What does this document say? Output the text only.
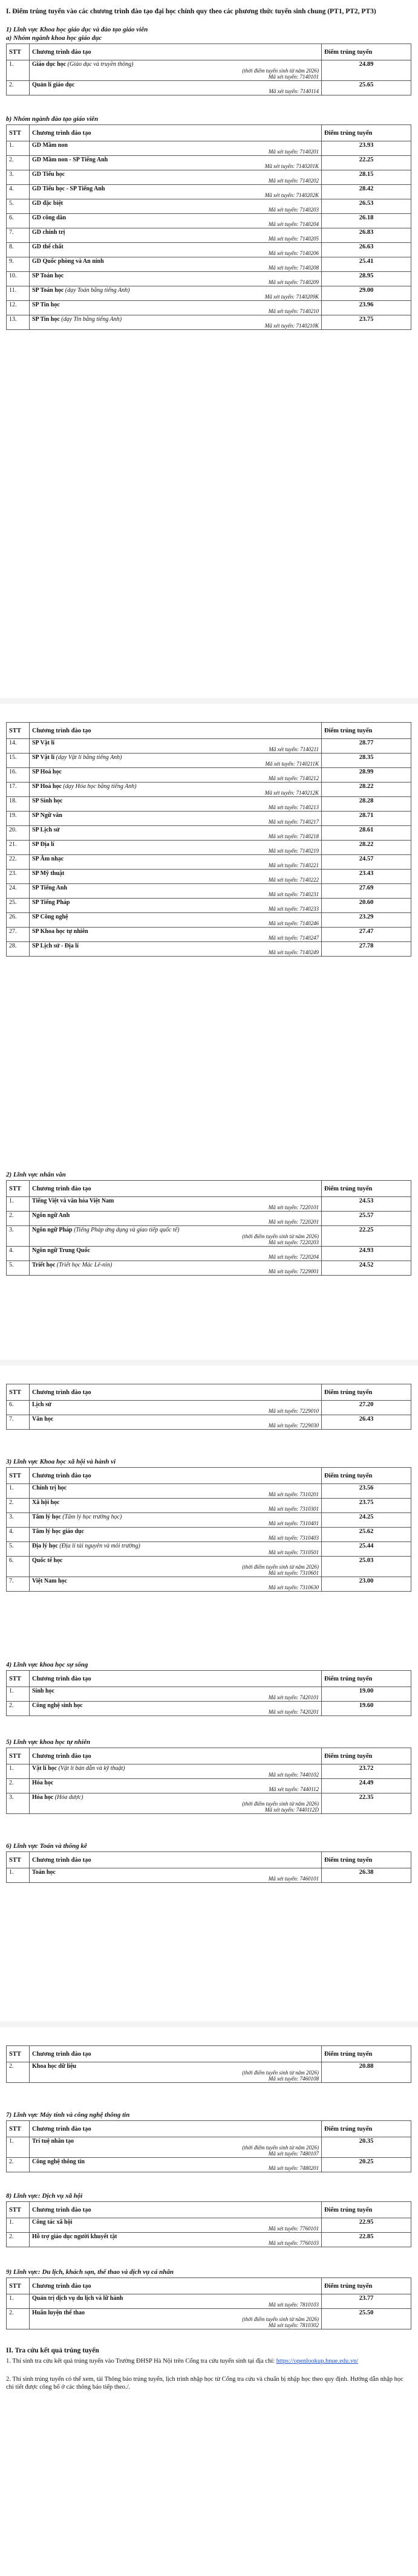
I. Điểm trúng tuyển vào các chương trình đào tạo đại học chính quy theo các phương thức tuyển sinh chung (PT1, PT2, PT3)
1) Lĩnh vực Khoa học giáo dục và đào tạo giáo viên
a) Nhóm ngành khoa học giáo dục
STT	Chương trình đào tạo	Điểm trúng tuyển
1.	Giáo dục học (Giáo dục và truyền thông)
(thời điểm tuyển sinh từ năm 2026)
Mã xét tuyển: 7140101	24.89
2.	Quản lí giáo dục
Mã xét tuyển: 7140114	25.65
b) Nhóm ngành đào tạo giáo viên
STT	Chương trình đào tạo	Điểm trúng tuyển
1.	GD Mầm non
Mã xét tuyển: 7140201	23.93
2.	GD Mầm non - SP Tiếng Anh
Mã xét tuyển: 7140201K	22.25
3.	GD Tiểu học
Mã xét tuyển: 7140202	28.15
4.	GD Tiểu học - SP Tiếng Anh
Mã xét tuyển: 7140202K	28.42
5.	GD đặc biệt
Mã xét tuyển: 7140203	26.53
6.	GD công dân
Mã xét tuyển: 7140204	26.18
7.	GD chính trị
Mã xét tuyển: 7140205	26.83
8.	GD thể chất
Mã xét tuyển: 7140206	26.63
9.	GD Quốc phòng và An ninh
Mã xét tuyển: 7140208	25.41
10.	SP Toán học
Mã xét tuyển: 7140209	28.95
11.	SP Toán học (dạy Toán bằng tiếng Anh)
Mã xét tuyển: 7140209K	29.00
12.	SP Tin học
Mã xét tuyển: 7140210	23.96
13.	SP Tin học (dạy Tin bằng tiếng Anh)
Mã xét tuyển: 7140210K	23.75
STT	Chương trình đào tạo	Điểm trúng tuyển
14.	SP Vật lí
Mã xét tuyển: 7140211	28.77
15.	SP Vật lí (dạy Vật lí bằng tiếng Anh)
Mã xét tuyển: 7140211K	28.35
16.	SP Hoá học
Mã xét tuyển: 7140212	28.99
17.	SP Hoá học (dạy Hóa học bằng tiếng Anh)
Mã xét tuyển: 7140212K	28.22
18.	SP Sinh học
Mã xét tuyển: 7140213	28.28
19.	SP Ngữ văn
Mã xét tuyển: 7140217	28.71
20.	SP Lịch sử
Mã xét tuyển: 7140218	28.61
21.	SP Địa lí
Mã xét tuyển: 7140219	28.22
22.	SP Âm nhạc
Mã xét tuyển: 7140221	24.57
23.	SP Mỹ thuật
Mã xét tuyển: 7140222	23.43
24.	SP Tiếng Anh
Mã xét tuyển: 7140231	27.69
25.	SP Tiếng Pháp
Mã xét tuyển: 7140233	20.60
26.	SP Công nghệ
Mã xét tuyển: 7140246	23.29
27.	SP Khoa học tự nhiên
Mã xét tuyển: 7140247	27.47
28.	SP Lịch sử - Địa lí
Mã xét tuyển: 7140249	27.78
2) Lĩnh vực nhân văn
STT	Chương trình đào tạo	Điểm trúng tuyển
1.	Tiếng Việt và văn hóa Việt Nam
Mã xét tuyển: 7220101	24.53
2.	Ngôn ngữ Anh
Mã xét tuyển: 7220201	25.57
3.	Ngôn ngữ Pháp (Tiếng Pháp ứng dụng và giao tiếp quốc tế)
(thời điểm tuyển sinh từ năm 2026)
Mã xét tuyển: 7220203	22.25
4.	Ngôn ngữ Trung Quốc
Mã xét tuyển: 7220204	24.93
5.	Triết học (Triết học Mác Lê-nin)
Mã xét tuyển: 7229001	24.52
STT	Chương trình đào tạo	Điểm trúng tuyển
6.	Lịch sử
Mã xét tuyển: 7229010	27.20
7.	Văn học
Mã xét tuyển: 7229030	26.43
3) Lĩnh vực Khoa học xã hội và hành vi
STT	Chương trình đào tạo	Điểm trúng tuyển
1.	Chính trị học
Mã xét tuyển: 7310201	23.56
2.	Xã hội học
Mã xét tuyển: 7310301	23.75
3.	Tâm lý học (Tâm lý học trường học)
Mã xét tuyển: 7310401	24.25
4.	Tâm lý học giáo dục
Mã xét tuyển: 7310403	25.62
5.	Địa lý học (Địa lí tài nguyên và môi trường)
Mã xét tuyển: 7310501	25.44
6.	Quốc tế học
(thời điểm tuyển sinh từ năm 2026)
Mã xét tuyển: 7310601	25.03
7.	Việt Nam học
Mã xét tuyển: 7310630	23.00
4) Lĩnh vực khoa học sự sống
STT	Chương trình đào tạo	Điểm trúng tuyển
1.	Sinh học
Mã xét tuyển: 7420101	19.00
2.	Công nghệ sinh học
Mã xét tuyển: 7420201	19.60
5) Lĩnh vực khoa học tự nhiên
STT	Chương trình đào tạo	Điểm trúng tuyển
1.	Vật lí học (Vật lí bán dẫn và kỹ thuật)
Mã xét tuyển: 7440102	23.72
2.	Hóa học
Mã xét tuyển: 7440112	24.49
3.	Hóa học (Hóa dược)
(thời điểm tuyển sinh từ năm 2026)
Mã xét tuyển: 7440112D	22.35
6) Lĩnh vực Toán và thống kê
STT	Chương trình đào tạo	Điểm trúng tuyển
1.	Toán học
Mã xét tuyển: 7460101	26.38
STT	Chương trình đào tạo	Điểm trúng tuyển
2.	Khoa học dữ liệu
(thời điểm tuyển sinh từ năm 2026)
Mã xét tuyển: 7460108	20.88
7) Lĩnh vực Máy tính và công nghệ thông tin
STT	Chương trình đào tạo	Điểm trúng tuyển
1.	Trí tuệ nhân tạo
(thời điểm tuyển sinh từ năm 2026)
Mã xét tuyển: 7480107	20.35
2.	Công nghệ thông tin
Mã xét tuyển: 7480201	20.25
8) Lĩnh vực: Dịch vụ xã hội
STT	Chương trình đào tạo	Điểm trúng tuyển
1.	Công tác xã hội
Mã xét tuyển: 7760101	22.95
2.	Hỗ trợ giáo dục người khuyết tật
Mã xét tuyển: 7760103	22.85
9) Lĩnh vực: Du lịch, khách sạn, thể thao và dịch vụ cá nhân
STT	Chương trình đào tạo	Điểm trúng tuyển
1.	Quản trị dịch vụ du lịch và lữ hành
Mã xét tuyển: 7810103	23.77
2.	Huấn luyện thể thao
(thời điểm tuyển sinh từ năm 2026)
Mã xét tuyển: 7810302	25.50
II. Tra cứu kết quả trúng tuyển
1. Thí sinh tra cứu kết quả trúng tuyển vào Trường ĐHSP Hà Nội trên Cổng tra cứu tuyển sinh tại địa chỉ: https://openlookup.hnue.edu.vn/
2. Thí sinh trúng tuyển có thể xem, tải Thông báo trúng tuyển, lịch trình nhập học từ Cổng tra cứu và chuẩn bị nhập học theo quy định. Hướng dẫn nhập học chi tiết được công bố ở các thông báo tiếp theo./.
